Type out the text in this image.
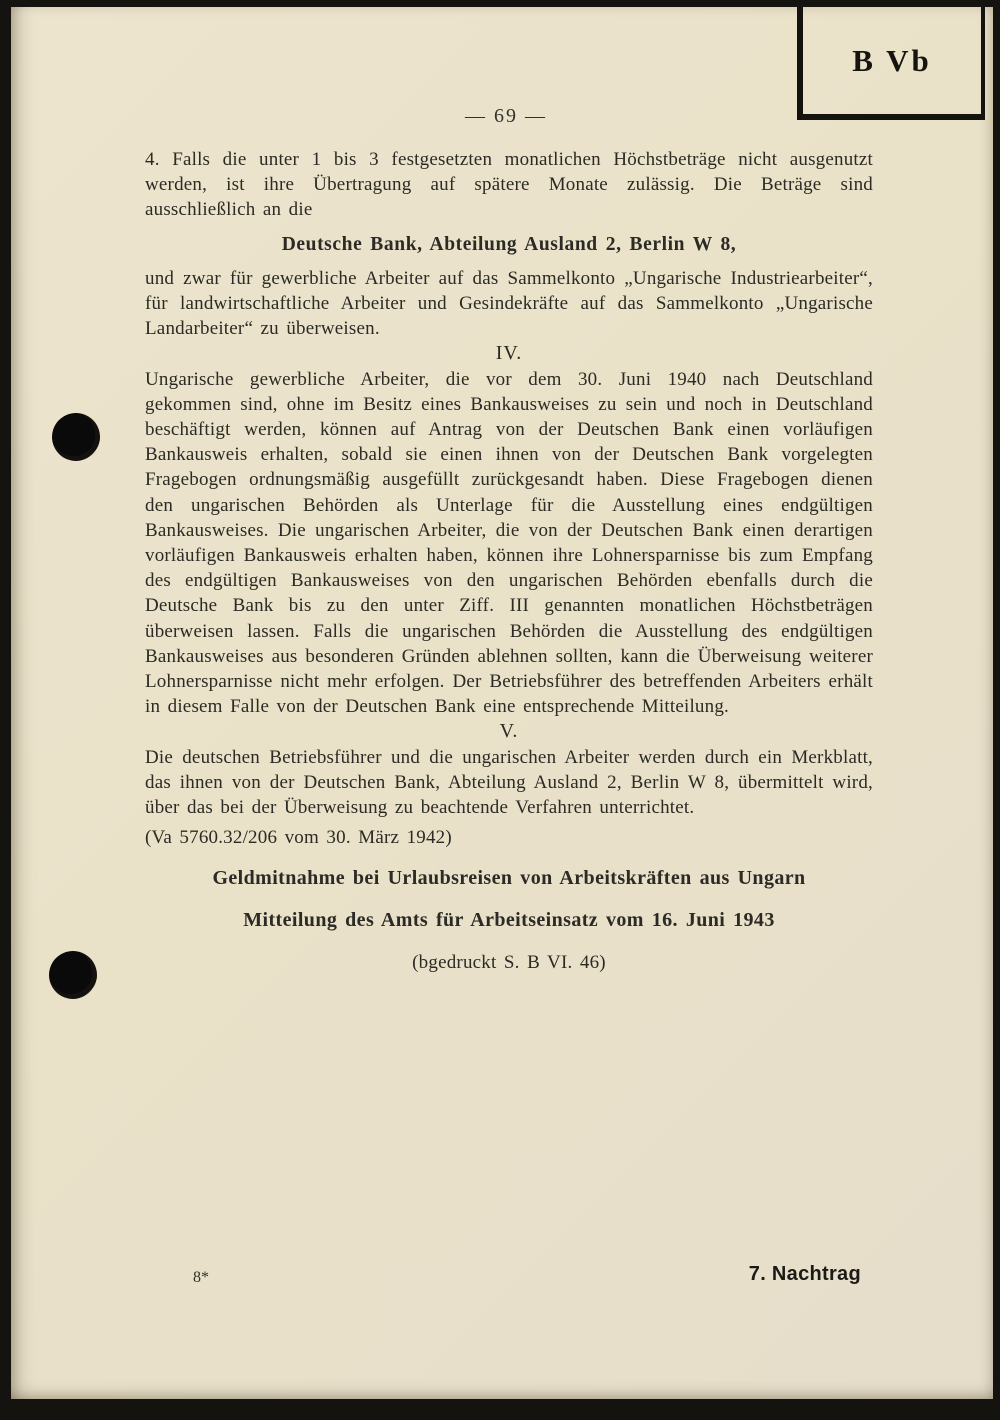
B Vb
— 69 —

4. Falls die unter 1 bis 3 festgesetzten monatlichen Höchstbeträge nicht ausgenutzt werden, ist ihre Übertragung auf spätere Monate zulässig. Die Beträge sind ausschließlich an die

Deutsche Bank, Abteilung Ausland 2, Berlin W 8,

und zwar für gewerbliche Arbeiter auf das Sammelkonto „Ungarische Industriearbeiter“, für landwirtschaftliche Arbeiter und Gesindekräfte auf das Sammelkonto „Ungarische Landarbeiter“ zu überweisen.

IV.

Ungarische gewerbliche Arbeiter, die vor dem 30. Juni 1940 nach Deutschland gekommen sind, ohne im Besitz eines Bankausweises zu sein und noch in Deutschland beschäftigt werden, können auf Antrag von der Deutschen Bank einen vorläufigen Bankausweis erhalten, sobald sie einen ihnen von der Deutschen Bank vorgelegten Fragebogen ordnungsmäßig ausgefüllt zurückgesandt haben. Diese Fragebogen dienen den ungarischen Behörden als Unterlage für die Ausstellung eines endgültigen Bankausweises. Die ungarischen Arbeiter, die von der Deutschen Bank einen derartigen vorläufigen Bankausweis erhalten haben, können ihre Lohnersparnisse bis zum Empfang des endgültigen Bankausweises von den ungarischen Behörden ebenfalls durch die Deutsche Bank bis zu den unter Ziff. III genannten monatlichen Höchstbeträgen überweisen lassen. Falls die ungarischen Behörden die Ausstellung des endgültigen Bankausweises aus besonderen Gründen ablehnen sollten, kann die Überweisung weiterer Lohnersparnisse nicht mehr erfolgen. Der Betriebsführer des betreffenden Arbeiters erhält in diesem Falle von der Deutschen Bank eine entsprechende Mitteilung.

V.

Die deutschen Betriebsführer und die ungarischen Arbeiter werden durch ein Merkblatt, das ihnen von der Deutschen Bank, Abteilung Ausland 2, Berlin W 8, übermittelt wird, über das bei der Überweisung zu beachtende Verfahren unterrichtet.

(Va 5760.32/206 vom 30. März 1942)

Geldmitnahme bei Urlaubsreisen von Arbeitskräften aus Ungarn

Mitteilung des Amts für Arbeitseinsatz vom 16. Juni 1943

(bgedruckt S. B VI. 46)

8*	7. Nachtrag
